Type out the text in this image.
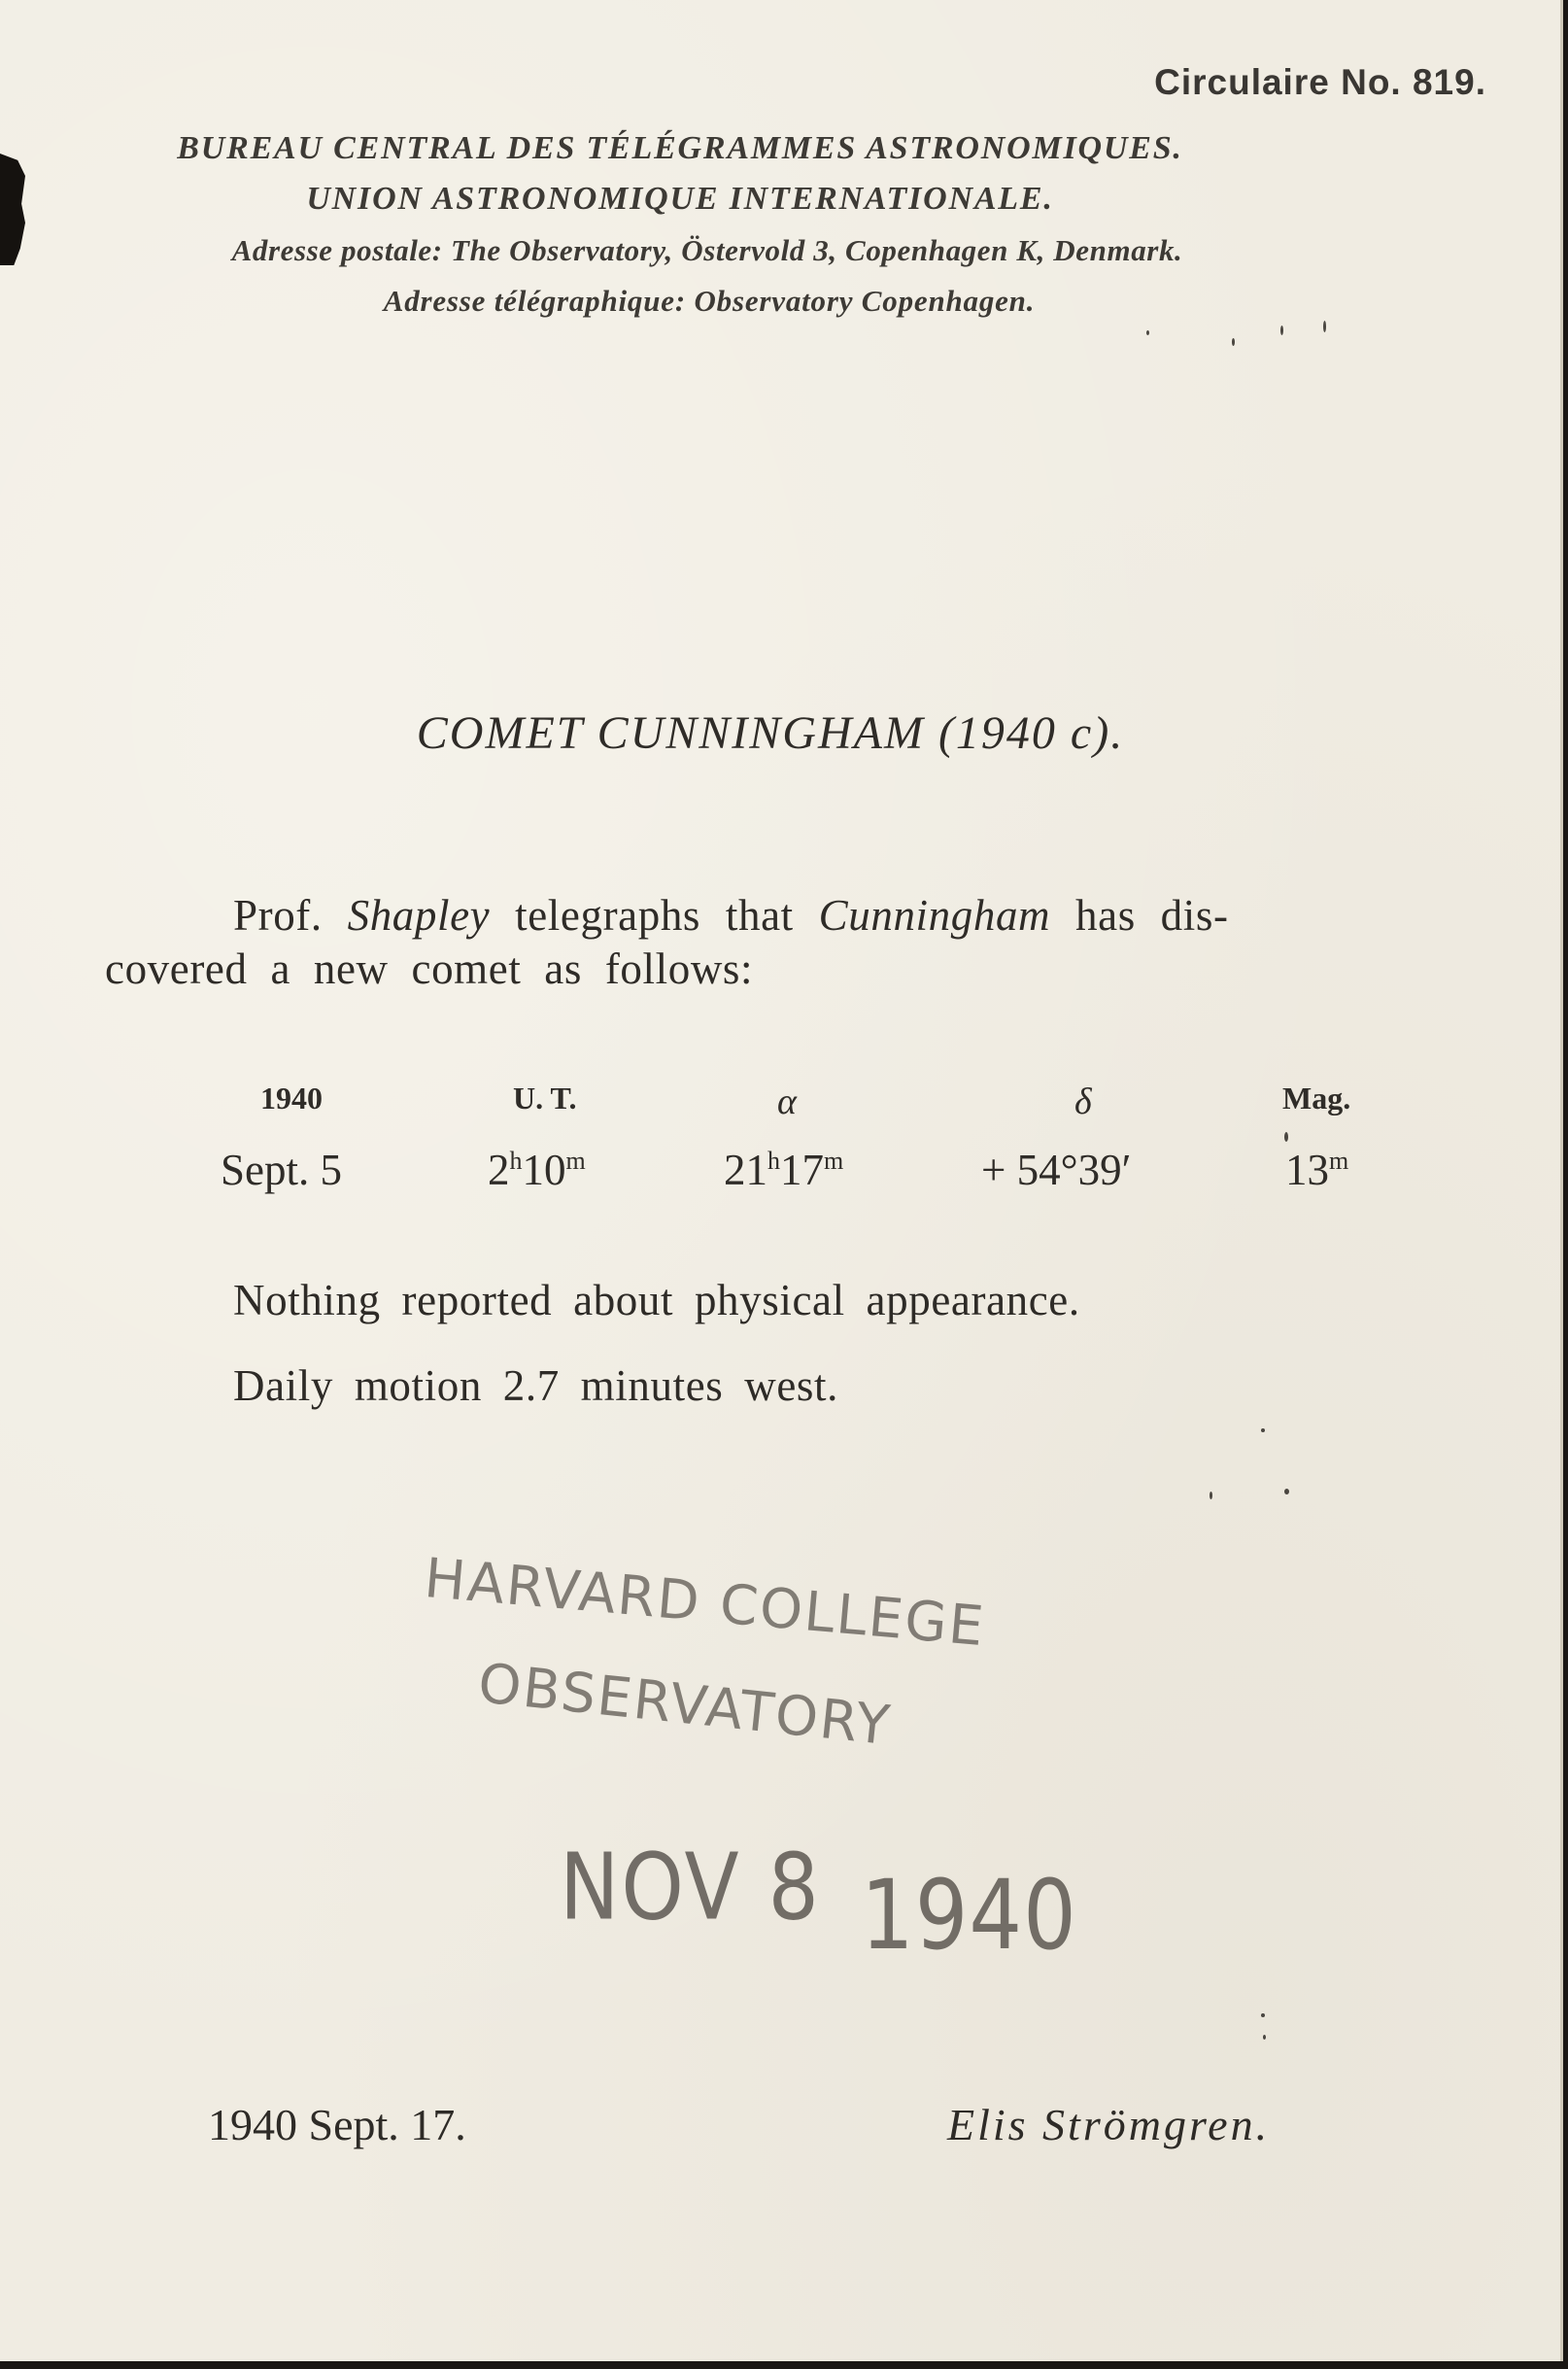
Circulaire No. 819.
BUREAU CENTRAL DES TÉLÉGRAMMES ASTRONOMIQUES.
UNION ASTRONOMIQUE INTERNATIONALE.
Adresse postale: The Observatory, Östervold 3, Copenhagen K, Denmark.
Adresse télégraphique: Observatory Copenhagen.
COMET CUNNINGHAM (1940 c).
Prof. Shapley telegraphs that Cunningham has dis-
covered a new comet as follows:
1940	U. T.	α	δ	Mag.
Sept. 5	2$^h$10$^m$	$21^h17^m$	+ 54°39′	13$^m$
Nothing reported about physical appearance.
Daily motion 2.7 minutes west.
HARVARD COLLEGE
OBSERVATORY
NOV 8 1940
1940 Sept. 17.	Elis Strömgren.
